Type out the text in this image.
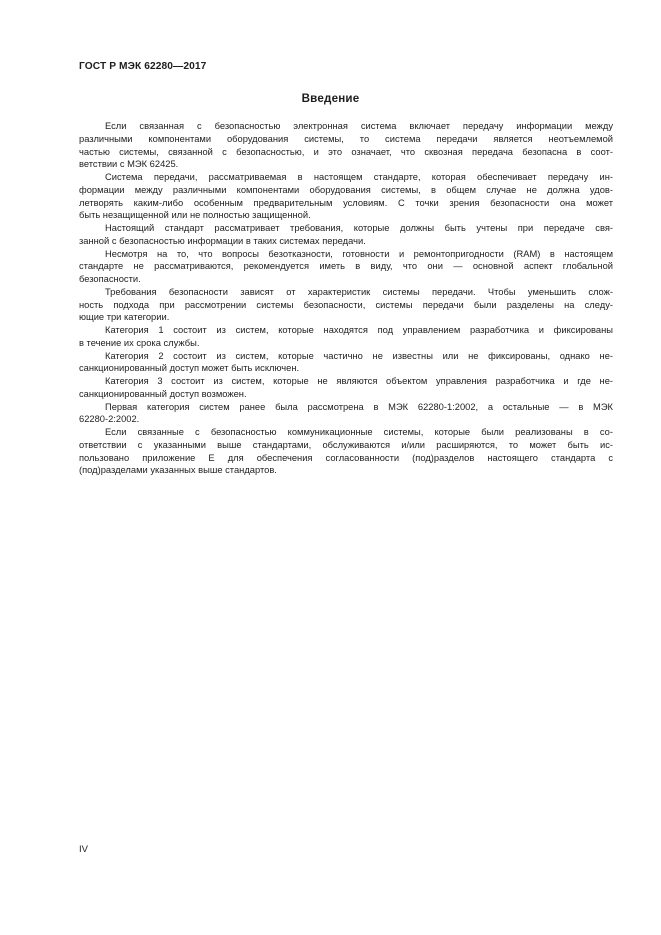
ГОСТ Р МЭК 62280—2017
Введение

Если связанная с безопасностью электронная система включает передачу информации между
различными компонентами оборудования системы, то система передачи является неотъемлемой
частью системы, связанной с безопасностью, и это означает, что сквозная передача безопасна в соот-
ветствии с МЭК 62425.

Система передачи, рассматриваемая в настоящем стандарте, которая обеспечивает передачу ин-
формации между различными компонентами оборудования системы, в общем случае не должна удов-
летворять каким-либо особенным предварительным условиям. С точки зрения безопасности она может
быть незащищенной или не полностью защищенной.

Настоящий стандарт рассматривает требования, которые должны быть учтены при передаче свя-
занной с безопасностью информации в таких системах передачи.

Несмотря на то, что вопросы безотказности, готовности и ремонтопригодности (RAM) в настоящем
стандарте не рассматриваются, рекомендуется иметь в виду, что они — основной аспект глобальной
безопасности.

Требования безопасности зависят от характеристик системы передачи. Чтобы уменьшить слож-
ность подхода при рассмотрении системы безопасности, системы передачи были разделены на следу-
ющие три категории.

Категория 1 состоит из систем, которые находятся под управлением разработчика и фиксированы
в течение их срока службы.

Категория 2 состоит из систем, которые частично не известны или не фиксированы, однако не-
санкционированный доступ может быть исключен.

Категория 3 состоит из систем, которые не являются объектом управления разработчика и где не-
санкционированный доступ возможен.

Первая категория систем ранее была рассмотрена в МЭК 62280-1:2002, а остальные — в МЭК
62280-2:2002.

Если связанные с безопасностью коммуникационные системы, которые были реализованы в со-
ответствии с указанными выше стандартами, обслуживаются и/или расширяются, то может быть ис-
пользовано приложение Е для обеспечения согласованности (под)разделов настоящего стандарта с
(под)разделами указанных выше стандартов.

IV
